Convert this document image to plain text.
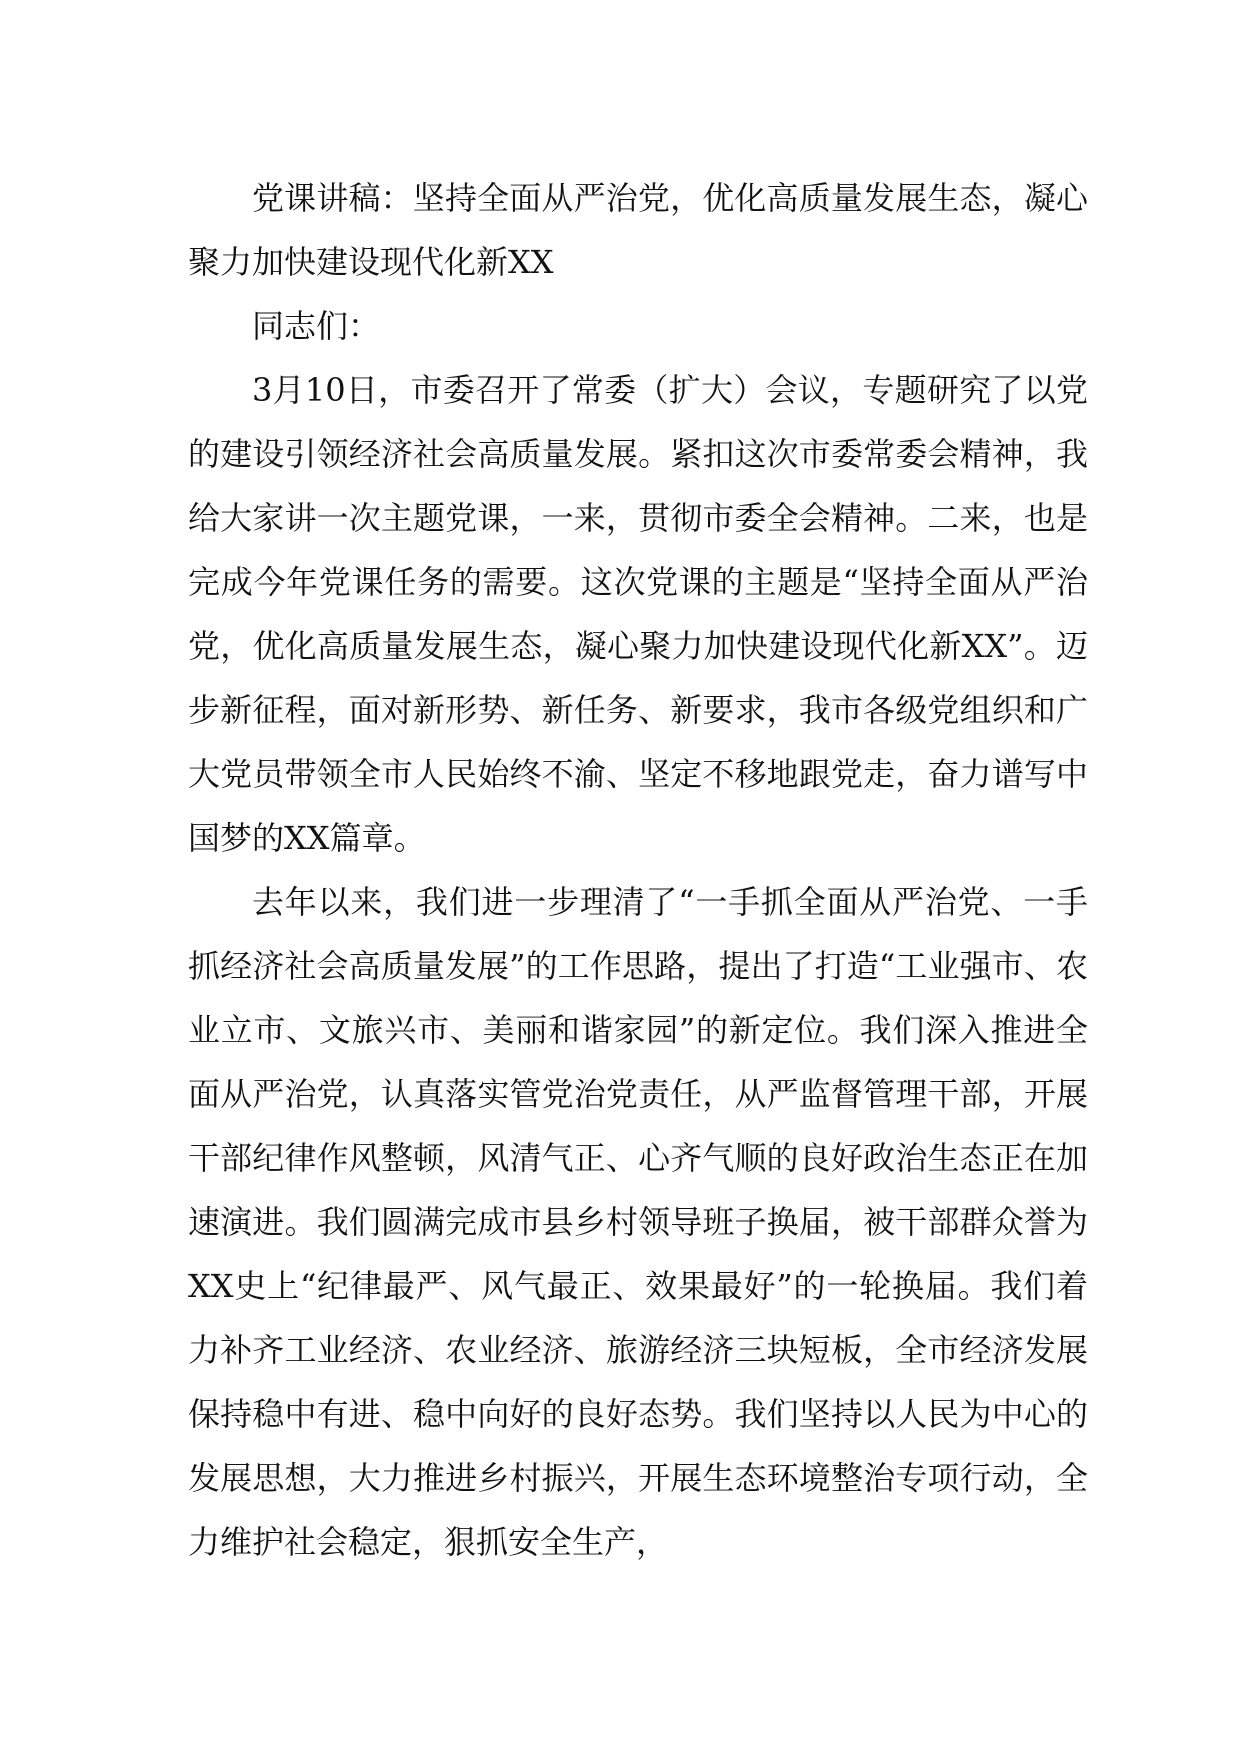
党课讲稿：坚持全面从严治党，优化高质量发展生态，凝心聚力加快建设现代化新XX

同志们：

3月10日，市委召开了常委（扩大）会议，专题研究了以党的建设引领经济社会高质量发展。紧扣这次市委常委会精神，我给大家讲一次主题党课，一来，贯彻市委全会精神。二来，也是完成今年党课任务的需要。这次党课的主题是“坚持全面从严治党，优化高质量发展生态，凝心聚力加快建设现代化新XX”。迈步新征程，面对新形势、新任务、新要求，我市各级党组织和广大党员带领全市人民始终不渝、坚定不移地跟党走，奋力谱写中国梦的XX篇章。

去年以来，我们进一步理清了“一手抓全面从严治党、一手抓经济社会高质量发展”的工作思路，提出了打造“工业强市、农业立市、文旅兴市、美丽和谐家园”的新定位。我们深入推进全面从严治党，认真落实管党治党责任，从严监督管理干部，开展干部纪律作风整顿，风清气正、心齐气顺的良好政治生态正在加速演进。我们圆满完成市县乡村领导班子换届，被干部群众誉为XX史上“纪律最严、风气最正、效果最好”的一轮换届。我们着力补齐工业经济、农业经济、旅游经济三块短板，全市经济发展保持稳中有进、稳中向好的良好态势。我们坚持以人民为中心的发展思想，大力推进乡村振兴，开展生态环境整治专项行动，全力维护社会稳定，狠抓安全生产，
